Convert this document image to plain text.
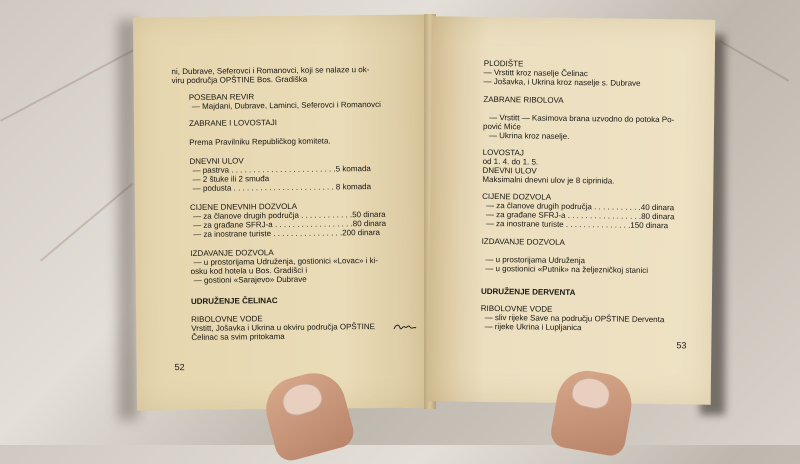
ni, Dubrave, Seferovci i Romanovci, koji se nalaze u ok-
viru područja OPŠTINE Bos. Gradiška
POSEBAN REVIR
— Majdani, Dubrave, Laminci, Seferovci i Romanovci
ZABRANE I LOVOSTAJI
Prema Pravilniku Republičkog komiteta.
DNEVNI ULOV
— pastrva . . . . . . . . . . . . . . . . . . . . . . . .5 komada
— 2 štuke ili 2 smuđa
— podusta . . . . . . . . . . . . . . . . . . . . . . . 8 komada
CIJENE DNEVNIH DOZVOLA
— za članove drugih područja . . . . . . . . . . . .50 dinara
— za građane SFRJ-a . . . . . . . . . . . . . . . . . .80 dinara
— za inostrane turiste . . . . . . . . . . . . . . . .200 dinara
IZDAVANJE DOZVOLA
— u prostorijama Udruženja, gostionici «Lovac» i ki-
osku kod hotela u Bos. Gradišci i
— gostioni «Sarajevo» Dubrave
UDRUŽENJE ČELINAC
RIBOLOVNE VODE
Vrstitt, Jošavka i Ukrina u okviru područja OPŠTINE
Čelinac sa svim pritokama
52
PLODIŠTE
— Vrstitt kroz naselje Čelinac
— Jošavka, i Ukrina kroz naselje s. Dubrave
ZABRANE RIBOLOVA
— Vrstitt — Kasimova brana uzvodno do potoka Po-
pović Miće
— Ukrina kroz naselje.
LOVOSTAJ
od 1. 4. do 1. 5.
DNEVNI ULOV
Maksimalni dnevni ulov je 8 ciprinida.
CIJENE DOZVOLA
— za članove drugih područja . . . . . . . . . . .40 dinara
— za građane SFRJ-a . . . . . . . . . . . . . . . . .80 dinara
— za inostrane turiste . . . . . . . . . . . . . . .150 dinara
IZDAVANJE DOZVOLA
— u prostorijama Udruženja
— u gostionici «Putnik» na željezničkoj stanici
UDRUŽENJE DERVENTA
RIBOLOVNE VODE
— sliv rijeke Save na području OPŠTINE Derventa
— rijeke Ukrina i Lupljanica
53
